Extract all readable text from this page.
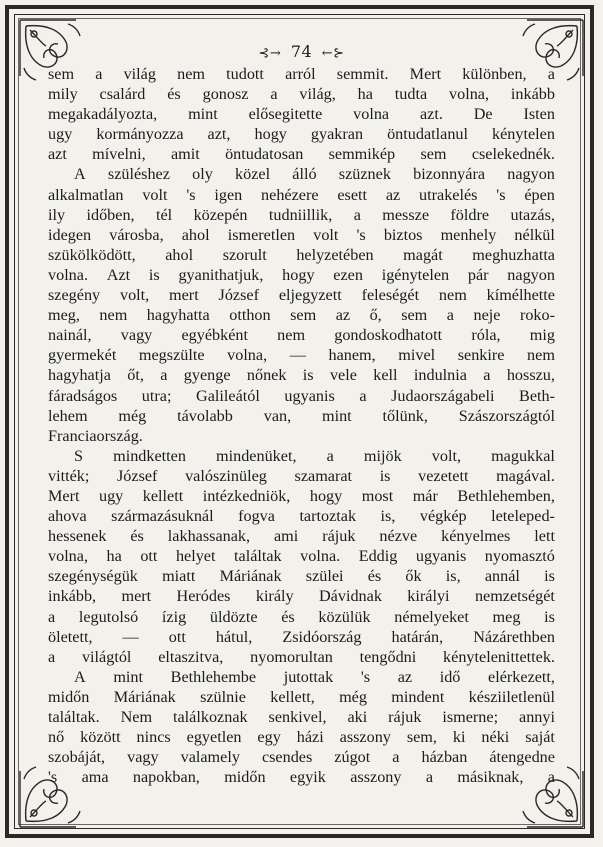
⊰→ 74 ←⊱
sem a világ nem tudott arról semmit. Mert különben, a
mily csalárd és gonosz a világ, ha tudta volna, inkább
megakadályozta, mint elősegitette volna azt. De Isten
ugy kormányozza azt, hogy gyakran öntudatlanul kénytelen
azt mívelni, amit öntudatosan semmikép sem cselekednék.
A szüléshez oly közel álló szüznek bizonnyára nagyon
alkalmatlan volt 's igen nehézere esett az utrakelés 's épen
ily időben, tél közepén tudniillik, a messze földre utazás,
idegen városba, ahol ismeretlen volt 's biztos menhely nélkül
szükölködött, ahol szorult helyzetében magát meghuzhatta
volna. Azt is gyanithatjuk, hogy ezen igénytelen pár nagyon
szegény volt, mert József eljegyzett feleségét nem kímélhette
meg, nem hagyhatta otthon sem az ő, sem a neje roko-
nainál, vagy egyébként nem gondoskodhatott róla, mig
gyermekét megszülte volna, — hanem, mivel senkire nem
hagyhatja őt, a gyenge nőnek is vele kell indulnia a hosszu,
fáradságos utra; Galileától ugyanis a Judaországabeli Beth-
lehem még távolabb van, mint tőlünk, Szászországtól
Franciaország.
S mindketten mindenüket, a mijök volt, magukkal
vitték; József valószinüleg szamarat is vezetett magával.
Mert ugy kellett intézkedniök, hogy most már Bethlehemben,
ahova származásuknál fogva tartoztak is, végkép leteleped-
hessenek és lakhassanak, ami rájuk nézve kényelmes lett
volna, ha ott helyet találtak volna. Eddig ugyanis nyomasztó
szegénységük miatt Máriának szülei és ők is, annál is
inkább, mert Heródes király Dávidnak királyi nemzetségét
a legutolsó ízig üldözte és közülük némelyeket meg is
öletett, — ott hátul, Zsidóország határán, Názárethben
a világtól eltaszitva, nyomorultan tengődni kénytelenittettek.
A mint Bethlehembe jutottak 's az idő elérkezett,
midőn Máriának szülnie kellett, még mindent késziiletlenül
találtak. Nem találkoznak senkivel, aki rájuk ismerne; annyi
nő között nincs egyetlen egy házi asszony sem, ki néki saját
szobáját, vagy valamely csendes zúgot a házban átengedne
's ama napokban, midőn egyik asszony a másiknak, a
